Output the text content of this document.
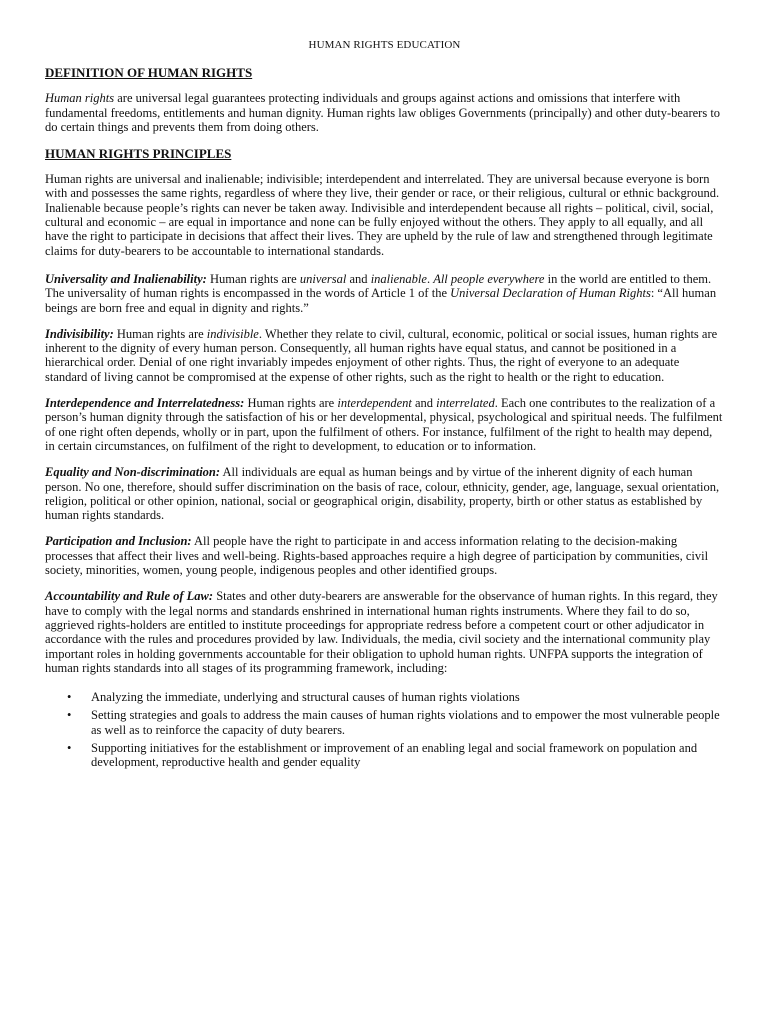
HUMAN RIGHTS EDUCATION
DEFINITION OF HUMAN RIGHTS

Human rights are universal legal guarantees protecting individuals and groups against actions and omissions that interfere with fundamental freedoms, entitlements and human dignity. Human rights law obliges Governments (principally) and other duty-bearers to do certain things and prevents them from doing others.

HUMAN RIGHTS PRINCIPLES

Human rights are universal and inalienable; indivisible; interdependent and interrelated. They are universal because everyone is born with and possesses the same rights, regardless of where they live, their gender or race, or their religious, cultural or ethnic background. Inalienable because people’s rights can never be taken away. Indivisible and interdependent because all rights – political, civil, social, cultural and economic – are equal in importance and none can be fully enjoyed without the others. They apply to all equally, and all have the right to participate in decisions that affect their lives. They are upheld by the rule of law and strengthened through legitimate claims for duty-bearers to be accountable to international standards.

Universality and Inalienability: Human rights are universal and inalienable. All people everywhere in the world are entitled to them. The universality of human rights is encompassed in the words of Article 1 of the Universal Declaration of Human Rights: “All human
beings are born free and equal in dignity and rights.”

Indivisibility: Human rights are indivisible. Whether they relate to civil, cultural, economic, political or social issues, human rights are inherent to the dignity of every human person. Consequently, all human rights have equal status, and cannot be positioned in a hierarchical order. Denial of one right invariably impedes enjoyment of other rights. Thus, the right of everyone to an adequate standard of living cannot be compromised at the expense of other rights, such as the right to health or the right to education.

Interdependence and Interrelatedness: Human rights are interdependent and interrelated. Each one contributes to the realization of a person’s human dignity through the satisfaction of his or her developmental, physical, psychological and spiritual needs. The fulfilment of one right often depends, wholly or in part, upon the fulfilment of others. For instance, fulfilment of the right to health may depend, in certain circumstances, on fulfilment of the right to development, to education or to information.

Equality and Non-discrimination: All individuals are equal as human beings and by virtue of the inherent dignity of each human person. No one, therefore, should suffer discrimination on the basis of race, colour, ethnicity, gender, age, language, sexual orientation, religion, political or other opinion, national, social or geographical origin, disability, property, birth or other status as established by human rights standards.

Participation and Inclusion: All people have the right to participate in and access information relating to the decision-making processes that affect their lives and well-being. Rights-based approaches require a high degree of participation by communities, civil society, minorities, women, young people, indigenous peoples and other identified groups.

Accountability and Rule of Law: States and other duty-bearers are answerable for the observance of human rights. In this regard, they have to comply with the legal norms and standards enshrined in international human rights instruments. Where they fail to do so, aggrieved rights-holders are entitled to institute proceedings for appropriate redress before a competent court or other adjudicator in accordance with the rules and procedures provided by law. Individuals, the media, civil society and the international community play important roles in holding governments accountable for their obligation to uphold human rights. UNFPA supports the integration of human rights standards into all stages of its programming framework, including:

• Analyzing the immediate, underlying and structural causes of human rights violations
• Setting strategies and goals to address the main causes of human rights violations and to empower the most vulnerable people as well as to reinforce the capacity of duty bearers.
• Supporting initiatives for the establishment or improvement of an enabling legal and social framework on population and development, reproductive health and gender equality
